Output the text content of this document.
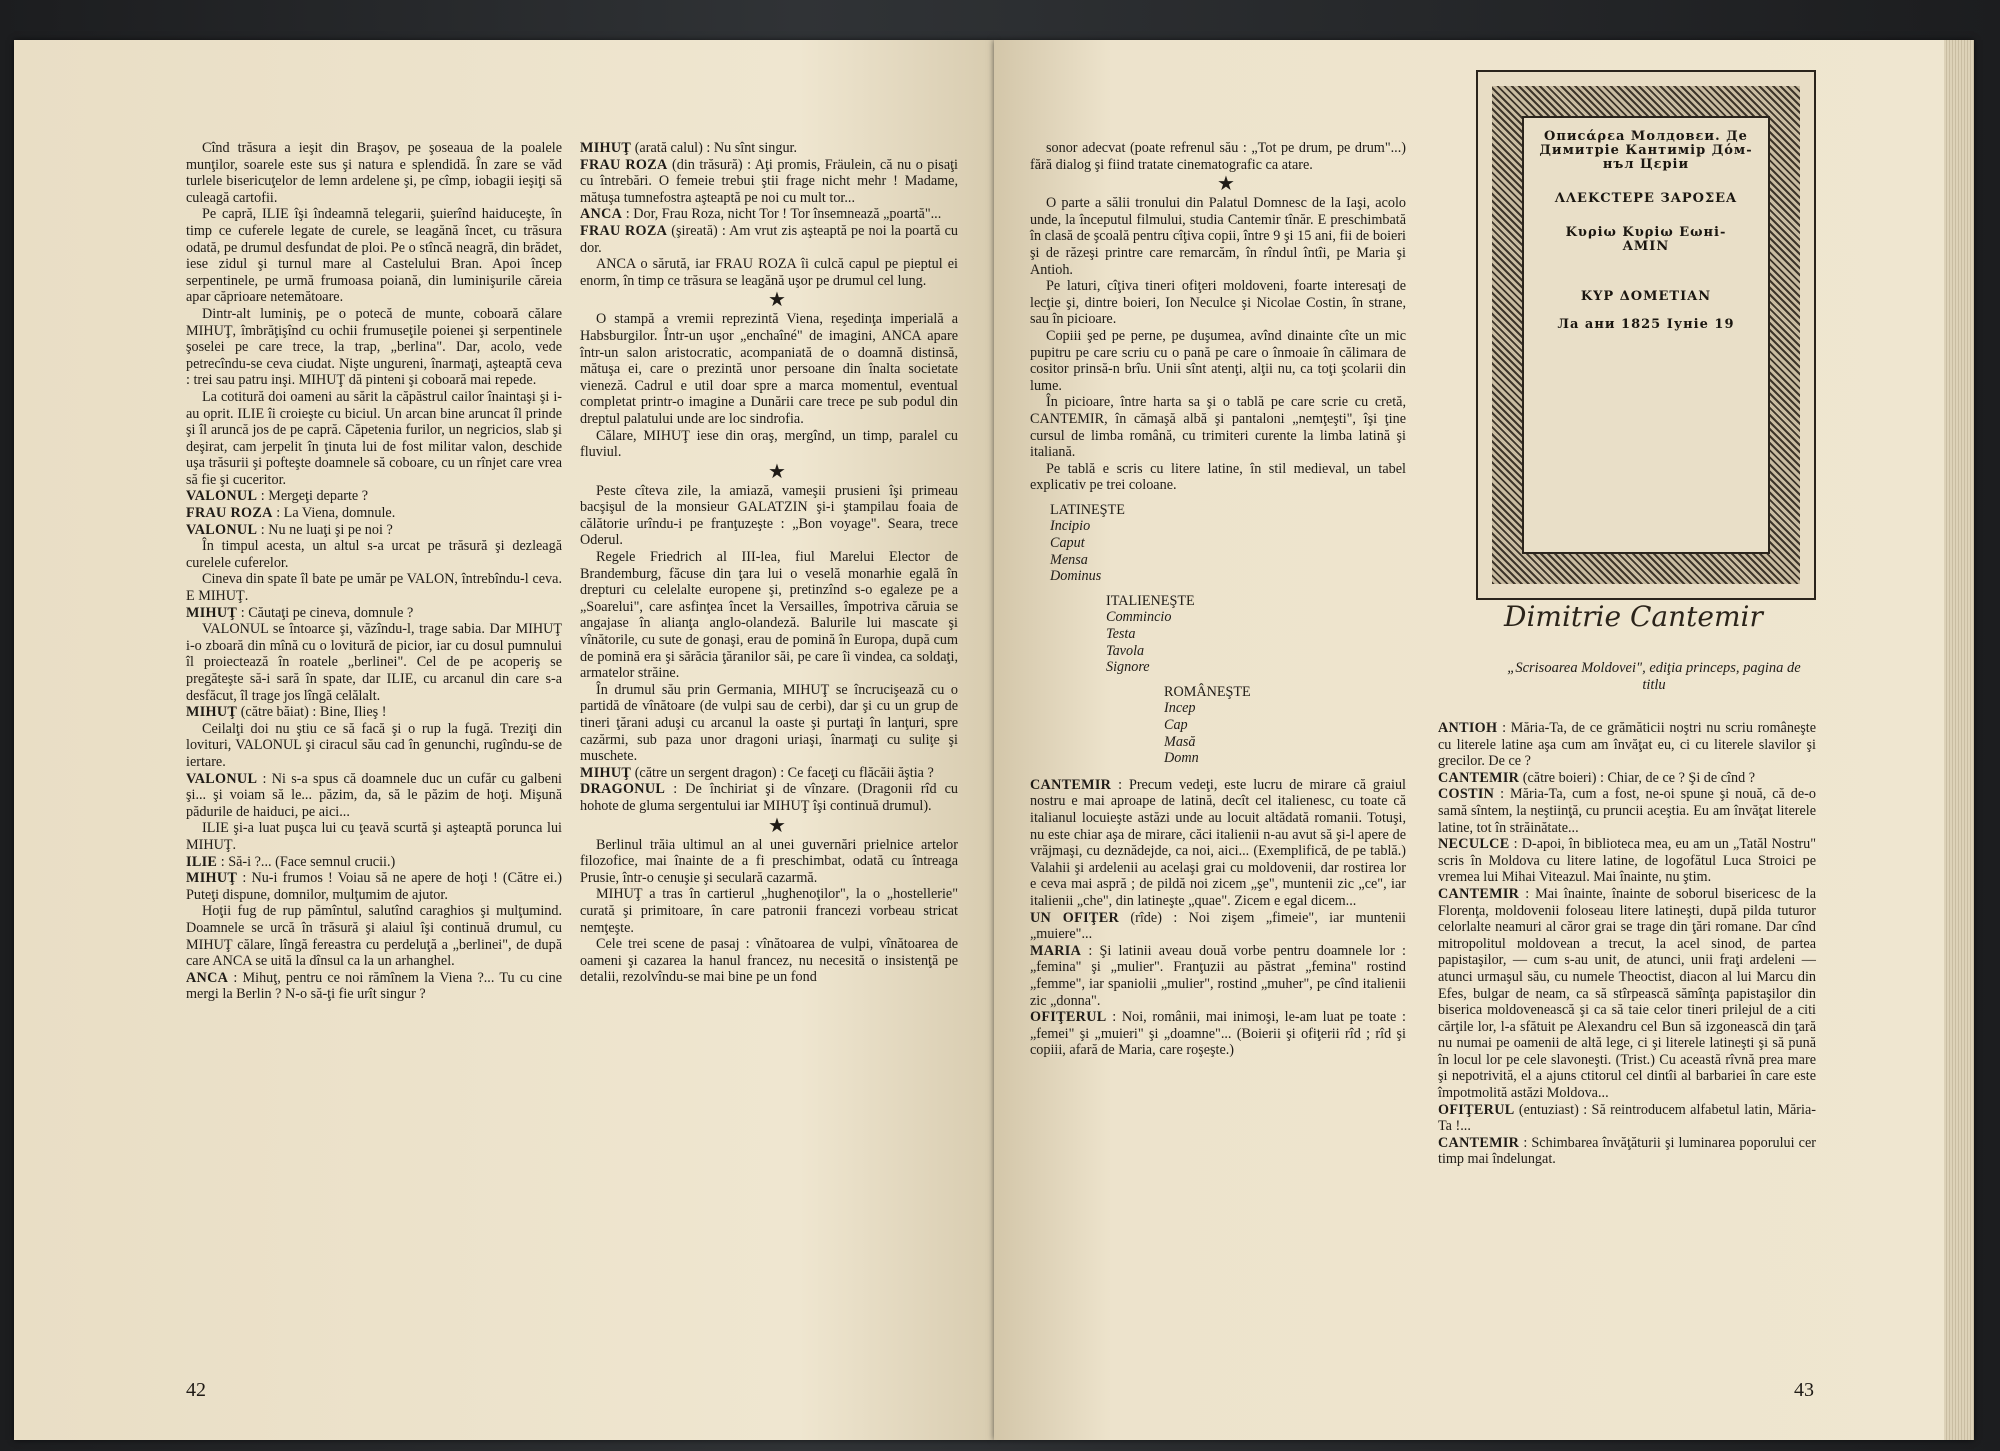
Cînd trăsura a ieşit din Braşov, pe şoseaua de la poalele munţilor, soarele este sus şi natura e splendidă. În zare se văd turlele bisericuţelor de lemn ardelene şi, pe cîmp, iobagii ieşiţi să culeagă cartofii.

Pe capră, ILIE îşi îndeamnă telegarii, şuierînd haiduceşte, în timp ce cuferele legate de curele, se leagănă încet, cu trăsura odată, pe drumul desfundat de ploi. Pe o stîncă neagră, din brădet, iese zidul şi turnul mare al Castelului Bran. Apoi încep serpentinele, pe urmă frumoasa poiană, din luminişurile căreia apar căprioare netemătoare.

Dintr-alt luminiş, pe o potecă de munte, coboară călare MIHUŢ, îmbrăţişînd cu ochii frumuseţile poienei şi serpentinele şoselei pe care trece, la trap, „berlina". Dar, acolo, vede petrecîndu-se ceva ciudat. Nişte ungureni, înarmaţi, aşteaptă ceva : trei sau patru inşi. MIHUŢ dă pinteni şi coboară mai repede.

La cotitură doi oameni au sărit la căpăstrul cailor înaintaşi şi i-au oprit. ILIE îi croieşte cu biciul. Un arcan bine aruncat îl prinde şi îl aruncă jos de pe capră. Căpetenia furilor, un negricios, slab şi deşirat, cam jerpelit în ţinuta lui de fost militar valon, deschide uşa trăsurii şi pofteşte doamnele să coboare, cu un rînjet care vrea să fie şi cuceritor.

VALONUL : Mergeţi departe ?

FRAU ROZA : La Viena, domnule.

VALONUL : Nu ne luaţi şi pe noi ?

În timpul acesta, un altul s-a urcat pe trăsură şi dezleagă curelele cuferelor.

Cineva din spate îl bate pe umăr pe VALON, întrebîndu-l ceva. E MIHUŢ.

MIHUŢ : Căutaţi pe cineva, domnule ?

VALONUL se întoarce şi, văzîndu-l, trage sabia. Dar MIHUŢ i-o zboară din mînă cu o lovitură de picior, iar cu dosul pumnului îl proiectează în roatele „berlinei". Cel de pe acoperiş se pregăteşte să-i sară în spate, dar ILIE, cu arcanul din care s-a desfăcut, îl trage jos lîngă celălalt.

MIHUŢ (către băiat) : Bine, Ilieş !

Ceilalţi doi nu ştiu ce să facă şi o rup la fugă. Treziţi din lovituri, VALONUL şi ciracul său cad în genunchi, rugîndu-se de iertare.

VALONUL : Ni s-a spus că doamnele duc un cufăr cu galbeni şi... şi voiam să le... păzim, da, să le păzim de hoţi. Mişună pădurile de haiduci, pe aici...

ILIE şi-a luat puşca lui cu ţeavă scurtă şi aşteaptă porunca lui MIHUŢ.

ILIE : Să-i ?... (Face semnul crucii.)

MIHUŢ : Nu-i frumos ! Voiau să ne apere de hoţi ! (Către ei.) Puteţi dispune, domnilor, mulţumim de ajutor.

Hoţii fug de rup pămîntul, salutînd caraghios şi mulţumind. Doamnele se urcă în trăsură şi alaiul îşi continuă drumul, cu MIHUŢ călare, lîngă fereastra cu perdeluţă a „berlinei", de după care ANCA se uită la dînsul ca la un arhanghel.

ANCA : Mihuţ, pentru ce noi rămînem la Viena ?... Tu cu cine mergi la Berlin ? N-o să-ţi fie urît singur ?

MIHUŢ (arată calul) : Nu sînt singur.

FRAU ROZA (din trăsură) : Aţi promis, Fräulein, că nu o pisaţi cu întrebări. O femeie trebui ştii frage nicht mehr ! Madame, mătuşa tumnefostra aşteaptă pe noi cu mult tor...

ANCA : Dor, Frau Roza, nicht Tor ! Tor însemnează „poartă"...

FRAU ROZA (şireată) : Am vrut zis aşteaptă pe noi la poartă cu dor.

ANCA o sărută, iar FRAU ROZA îi culcă capul pe pieptul ei enorm, în timp ce trăsura se leagănă uşor pe drumul cel lung.

★

O stampă a vremii reprezintă Viena, reşedinţa imperială a Habsburgilor. Într-un uşor „enchaîné" de imagini, ANCA apare într-un salon aristocratic, acompaniată de o doamnă distinsă, mătuşa ei, care o prezintă unor persoane din înalta societate vieneză. Cadrul e util doar spre a marca momentul, eventual completat printr-o imagine a Dunării care trece pe sub podul din dreptul palatului unde are loc sindrofia.

Călare, MIHUŢ iese din oraş, mergînd, un timp, paralel cu fluviul.

★

Peste cîteva zile, la amiază, vameşii prusieni îşi primeau bacşişul de la monsieur GALATZIN şi-i ştampilau foaia de călătorie urîndu-i pe franţuzeşte : „Bon voyage". Seara, trece Oderul.

Regele Friedrich al III-lea, fiul Marelui Elector de Brandemburg, făcuse din ţara lui o veselă monarhie egală în drepturi cu celelalte europene şi, pretinzînd s-o egaleze pe a „Soarelui", care asfinţea încet la Versailles, împotriva căruia se angajase în alianţa anglo-olandeză. Balurile lui mascate şi vînătorile, cu sute de gonaşi, erau de pomină în Europa, după cum de pomină era şi sărăcia ţăranilor săi, pe care îi vindea, ca soldaţi, armatelor străine.

În drumul său prin Germania, MIHUŢ se încrucişează cu o partidă de vînătoare (de vulpi sau de cerbi), dar şi cu un grup de tineri ţărani aduşi cu arcanul la oaste şi purtaţi în lanţuri, spre cazărmi, sub paza unor dragoni uriaşi, înarmaţi cu suliţe şi muschete.

MIHUŢ (către un sergent dragon) : Ce faceţi cu flăcăii ăştia ?

DRAGONUL : De închiriat şi de vînzare. (Dragonii rîd cu hohote de gluma sergentului iar MIHUŢ îşi continuă drumul).

★

Berlinul trăia ultimul an al unei guvernări prielnice artelor filozofice, mai înainte de a fi preschimbat, odată cu întreaga Prusie, într-o cenuşie şi seculară cazarmă.

MIHUŢ a tras în cartierul „hughenoţilor", la o „hostellerie" curată şi primitoare, în care patronii francezi vorbeau stricat nemţeşte.

Cele trei scene de pasaj : vînătoarea de vulpi, vînătoarea de oameni şi cazarea la hanul francez, nu necesită o insistenţă pe detalii, rezolvîndu-se mai bine pe un fond

42

sonor adecvat (poate refrenul său : „Tot pe drum, pe drum"...) fără dialog şi fiind tratate cinematografic ca atare.

★

O parte a sălii tronului din Palatul Domnesc de la Iaşi, acolo unde, la începutul filmului, studia Cantemir tînăr. E preschimbată în clasă de şcoală pentru cîţiva copii, între 9 şi 15 ani, fii de boieri şi de răzeşi printre care remarcăm, în rîndul întîi, pe Maria şi Antioh.

Pe laturi, cîţiva tineri ofiţeri moldoveni, foarte interesaţi de lecţie şi, dintre boieri, Ion Neculce şi Nicolae Costin, în strane, sau în picioare.

Copiii şed pe perne, pe duşumea, avînd dinainte cîte un mic pupitru pe care scriu cu o pană pe care o înmoaie în călimara de cositor prinsă-n brîu. Unii sînt atenţi, alţii nu, ca toţi şcolarii din lume.

În picioare, între harta sa şi o tablă pe care scrie cu cretă, CANTEMIR, în cămaşă albă şi pantaloni „nemţeşti", îşi ţine cursul de limba română, cu trimiteri curente la limba latină şi italiană.

Pe tablă e scris cu litere latine, în stil medieval, un tabel explicativ pe trei coloane.

LATINEŞTE
Incipio
Caput
Mensa
Dominus
ITALIENEŞTE
Comminciо
Testa
Tavola
Signore
ROMÂNEŞTE
Incep
Cap
Masă
Domn

CANTEMIR : Precum vedeţi, este lucru de mirare că graiul nostru e mai aproape de latină, decît cel italienesc, cu toate că italianul locuieşte astăzi unde au locuit altădată romanii. Totuşi, nu este chiar aşa de mirare, căci italienii n-au avut să şi-l apere de vrăjmaşi, cu deznădejde, ca noi, aici... (Exemplifică, de pe tablă.) Valahii şi ardelenii au acelaşi grai cu moldovenii, dar rostirea lor e ceva mai aspră ; de pildă noi zicem „şe", muntenii zic „ce", iar italienii „che", din latineşte „quae". Zicem e egal dicem...

UN OFIŢER (rîde) : Noi zişem „fimeie", iar muntenii „muiere"...

MARIA : Şi latinii aveau două vorbe pentru doamnele lor : „femina" şi „mulier". Franţuzii au păstrat „femina" rostind „femme", iar spaniolii „mulier", rostind „muher", pe cînd italienii zic „donna".

OFIŢERUL : Noi, românii, mai inimoşi, le-am luat pe toate : „femei" şi „muieri" şi „doamne"... (Boierii şi ofiţerii rîd ; rîd şi copiii, afară de Maria, care roşeşte.)

Оπисάρεа Молдовεи. Де
Димитрiе Кантимiр Дόм-
нъл Цεрiи
ΛΛΕΚСТЕРЕ ЗΑΡΟΣΕΑ
Κυρiω Κυρiω Εωнi-
ΑΜΙΝ
ΚΥΡ ΔΟΜΕΤΙΑΝ
Ла ани 1825 Iунiе 19
Dimitrie Cantemir
„Scrisoarea Moldovei", ediţia princeps, pagina de titlu

ANTIOH : Măria-Ta, de ce grămăticii noştri nu scriu româneşte cu literele latine aşa cum am învăţat eu, ci cu literele slavilor şi grecilor. De ce ?

CANTEMIR (către boieri) : Chiar, de ce ? Şi de cînd ?

COSTIN : Măria-Ta, cum a fost, ne-oi spune şi nouă, că de-o samă sîntem, la neştiinţă, cu pruncii aceştia. Eu am învăţat literele latine, tot în străinătate...

NECULCE : D-apoi, în biblioteca mea, eu am un „Tatăl Nostru" scris în Moldova cu litere latine, de logofătul Luca Stroici pe vremea lui Mihai Viteazul. Mai înainte, nu ştim.

CANTEMIR : Mai înainte, înainte de soborul bisericesc de la Florenţa, moldovenii foloseau litere latineşti, după pilda tuturor celorlalte neamuri al căror grai se trage din ţări romane. Dar cînd mitropolitul moldovean a trecut, la acel sinod, de partea papistaşilor, — cum s-au unit, de atunci, unii fraţi ardeleni — atunci urmaşul său, cu numele Theoctist, diacon al lui Marcu din Efes, bulgar de neam, ca să stîrpească sămînţa papistaşilor din biserica moldovenească şi ca să taie celor tineri prilejul de a citi cărţile lor, l-a sfătuit pe Alexandru cel Bun să izgonească din ţară nu numai pe oamenii de altă lege, ci şi literele latineşti şi să pună în locul lor pe cele slavoneşti. (Trist.) Cu această rîvnă prea mare şi nepotrivită, el a ajuns ctitorul cel dintîi al barbariei în care este împotmolită astăzi Moldova...

OFIŢERUL (entuziast) : Să reintroducem alfabetul latin, Măria-Ta !...

CANTEMIR : Schimbarea învăţăturii şi luminarea poporului cer timp mai îndelungat.

43
